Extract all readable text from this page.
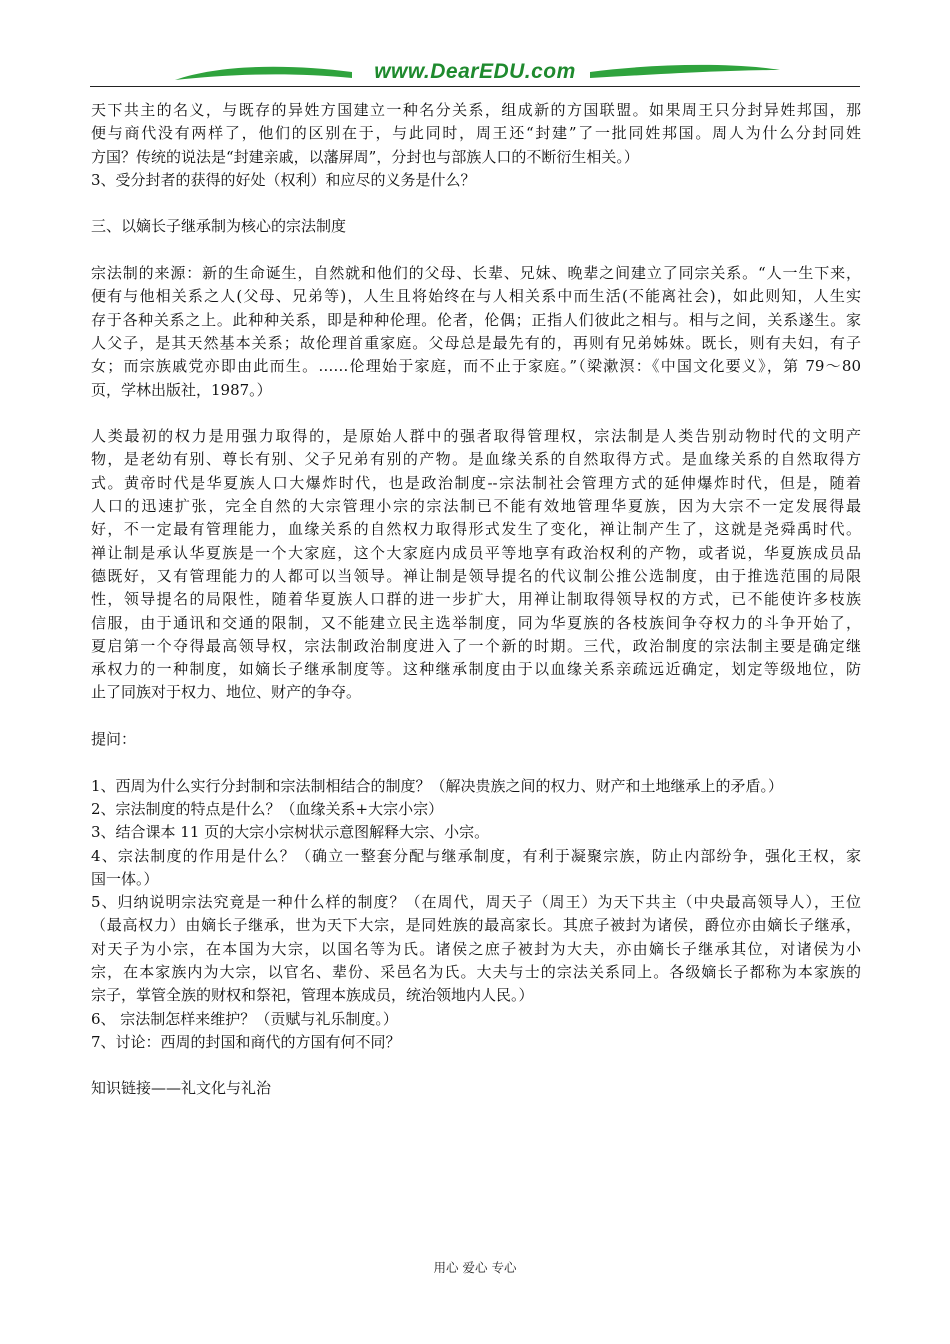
www.DearEDU.com
天下共主的名义，与既存的异姓方国建立一种名分关系，组成新的方国联盟。如果周王只分封异姓邦国，那
便与商代没有两样了，他们的区别在于，与此同时，周王还“封建”了一批同姓邦国。周人为什么分封同姓
方国？传统的说法是“封建亲戚，以藩屏周”，分封也与部族人口的不断衍生相关。）
3、受分封者的获得的好处（权利）和应尽的义务是什么？
三、以嫡长子继承制为核心的宗法制度
宗法制的来源：新的生命诞生，自然就和他们的父母、长辈、兄妹、晚辈之间建立了同宗关系。“人一生下来，
便有与他相关系之人(父母、兄弟等)，人生且将始终在与人相关系中而生活(不能离社会)，如此则知，人生实
存于各种关系之上。此种种关系，即是种种伦理。伦者，伦偶；正指人们彼此之相与。相与之间，关系遂生。家
人父子，是其天然基本关系；故伦理首重家庭。父母总是最先有的，再则有兄弟姊妹。既长，则有夫妇，有子
女；而宗族戚党亦即由此而生。……伦理始于家庭，而不止于家庭。”（梁漱溟：《中国文化要义》，第 79～80
页，学林出版社，1987。）
人类最初的权力是用强力取得的，是原始人群中的强者取得管理权，宗法制是人类告别动物时代的文明产
物，是老幼有别、尊长有别、父子兄弟有别的产物。是血缘关系的自然取得方式。是血缘关系的自然取得方
式。黄帝时代是华夏族人口大爆炸时代，也是政治制度--宗法制社会管理方式的延伸爆炸时代，但是，随着
人口的迅速扩张，完全自然的大宗管理小宗的宗法制已不能有效地管理华夏族，因为大宗不一定发展得最
好，不一定最有管理能力，血缘关系的自然权力取得形式发生了变化，禅让制产生了，这就是尧舜禹时代。
禅让制是承认华夏族是一个大家庭，这个大家庭内成员平等地享有政治权利的产物，或者说，华夏族成员品
德既好，又有管理能力的人都可以当领导。禅让制是领导提名的代议制公推公选制度，由于推选范围的局限
性，领导提名的局限性，随着华夏族人口群的进一步扩大，用禅让制取得领导权的方式，已不能使许多枝族
信服，由于通讯和交通的限制，又不能建立民主选举制度，同为华夏族的各枝族间争夺权力的斗争开始了，
夏启第一个夺得最高领导权，宗法制政治制度进入了一个新的时期。三代，政治制度的宗法制主要是确定继
承权力的一种制度，如嫡长子继承制度等。这种继承制度由于以血缘关系亲疏远近确定，划定等级地位，防
止了同族对于权力、地位、财产的争夺。
提问：
1、西周为什么实行分封制和宗法制相结合的制度？（解决贵族之间的权力、财产和土地继承上的矛盾。）
2、宗法制度的特点是什么？（血缘关系+大宗小宗）
3、结合课本 11 页的大宗小宗树状示意图解释大宗、小宗。
4、宗法制度的作用是什么？（确立一整套分配与继承制度，有利于凝聚宗族，防止内部纷争，强化王权，家
国一体。）
5、归纳说明宗法究竟是一种什么样的制度？（在周代，周天子（周王）为天下共主（中央最高领导人），王位
（最高权力）由嫡长子继承，世为天下大宗，是同姓族的最高家长。其庶子被封为诸侯，爵位亦由嫡长子继承，
对天子为小宗，在本国为大宗，以国名等为氏。诸侯之庶子被封为大夫，亦由嫡长子继承其位，对诸侯为小
宗，在本家族内为大宗，以官名、辈份、采邑名为氏。大夫与士的宗法关系同上。各级嫡长子都称为本家族的
宗子，掌管全族的财权和祭祀，管理本族成员，统治领地内人民。）
6、 宗法制怎样来维护？（贡赋与礼乐制度。）
7、讨论：西周的封国和商代的方国有何不同？
知识链接——礼文化与礼治
用心 爱心 专心
